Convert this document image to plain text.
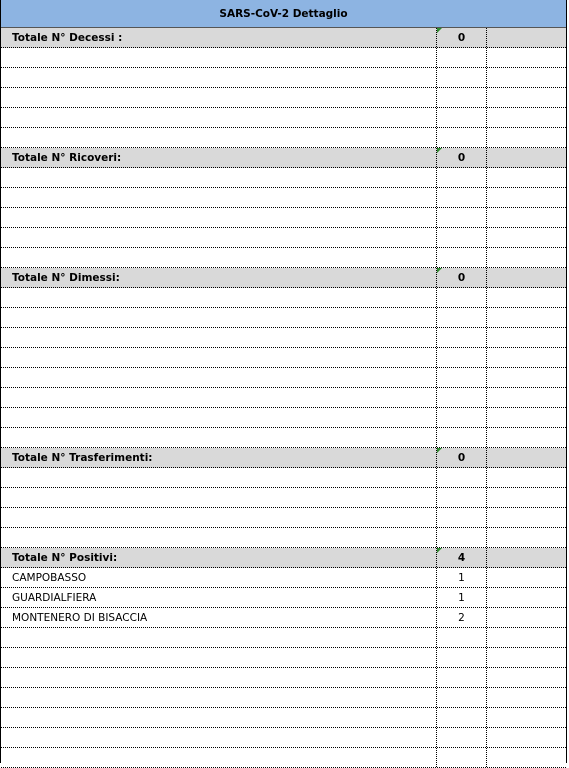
SARS-CoV-2 Dettaglio
Totale N° Decessi :	0
Totale N° Ricoveri:	0
Totale N° Dimessi:	0
Totale N° Trasferimenti:	0
Totale N° Positivi:	4
CAMPOBASSO	1
GUARDIALFIERA	1
MONTENERO DI BISACCIA	2
